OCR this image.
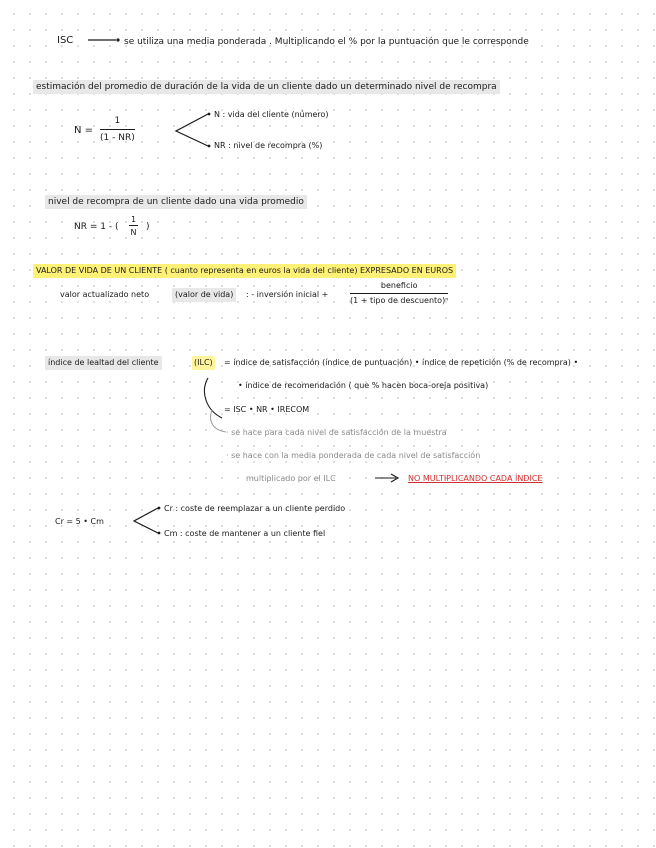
ISC	se utiliza una media ponderada . Multiplicando el % por la puntuación que le corresponde
estimación del promedio de duración de la vida de un cliente dado un determinado nivel de recompra
$N = \frac{1}{(1 - NR)}$	N : vida del cliente (número)
NR : nivel de recompra (%)
nivel de recompra de un cliente dado una vida promedio
NR = 1 - ( $\frac{1}{N}$ )
VALOR DE VIDA DE UN CLIENTE ( cuanto representa en euros la vida del cliente) EXPRESADO EN EUROS
valor actualizado neto	(valor de vida)	: - inversión inicial +
beneficio
(1 + tipo de descuento)ⁿ
índice de lealtad del cliente	(ILC) = índice de satisfacción (índice de puntuación) • índice de repetición (% de recompra) •
• índice de recomendación ( que % hacen boca-oreja positiva)
= ISC • NR • IRECOM
· se hace para cada nivel de satisfacción de la muestra
· se hace con la media ponderada de cada nivel de satisfacción
multiplicado por el ILC	NO MULTIPLICANDO CADA ÍNDICE
Cr = 5 • Cm
Cr : coste de reemplazar a un cliente perdido
Cm : coste de mantener a un cliente fiel
